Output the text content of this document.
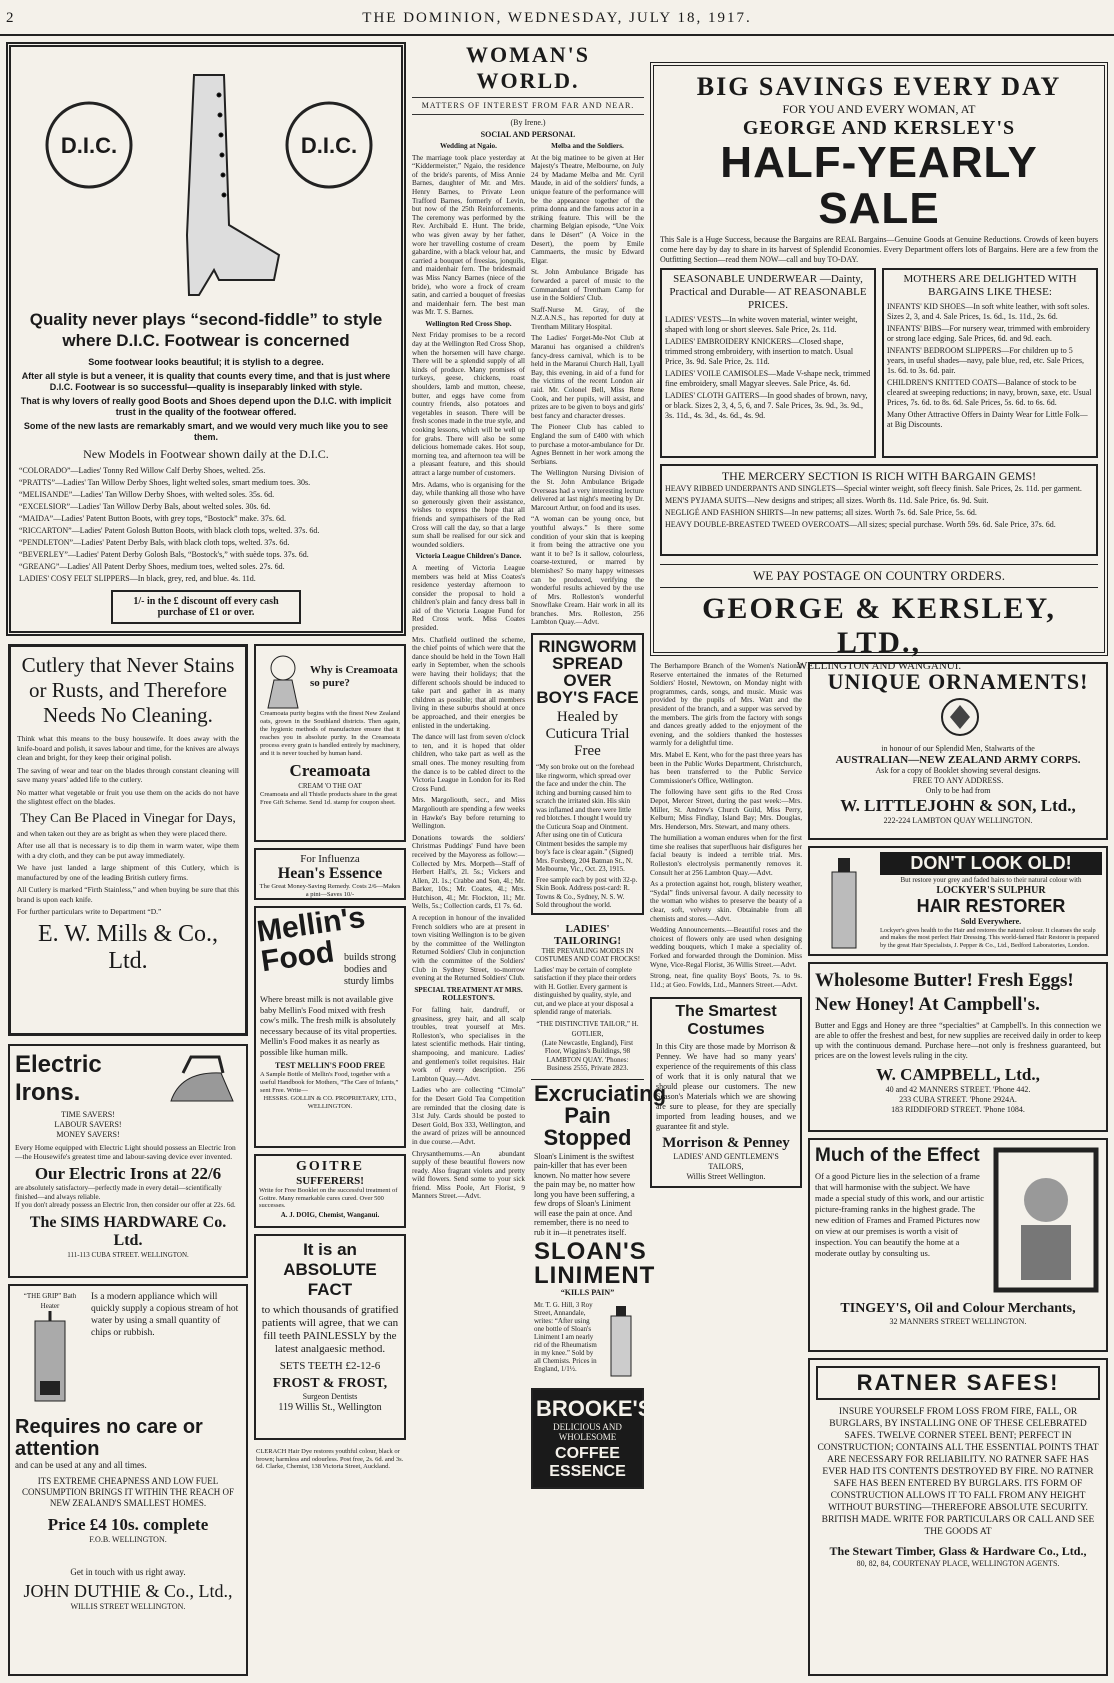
2	THE DOMINION, WEDNESDAY, JULY 18, 1917.
D.I.C.	D.I.C.
Quality never plays “second-fiddle” to style where D.I.C. Footwear is concerned

Some footwear looks beautiful; it is stylish to a degree.

After all style is but a veneer, it is quality that counts every time, and that is just where D.I.C. Footwear is so successful—quality is inseparably linked with style.

That is why lovers of really good Boots and Shoes depend upon the D.I.C. with implicit trust in the quality of the footwear offered.

Some of the new lasts are remarkably smart, and we would very much like you to see them.

New Models in Footwear shown daily at the D.I.C.
“COLORADO”—Ladies' Tonny Red Willow Calf Derby Shoes, welted. 25s.
“PRATTS”—Ladies' Tan Willow Derby Shoes, light welted soles, smart medium toes. 30s.
“MELISANDE”—Ladies' Tan Willow Derby Shoes, with welted soles. 35s. 6d.
“EXCELSIOR”—Ladies' Tan Willow Derby Bals, about welted soles. 30s. 6d.
“MAIDA”—Ladies' Patent Button Boots, with grey tops, “Bostock” make. 37s. 6d.
“RICCARTON”—Ladies' Patent Golosh Button Boots, with black cloth tops, welted. 37s. 6d.
“PENDLETON”—Ladies' Patent Derby Bals, with black cloth tops, welted. 37s. 6d.
“BEVERLEY”—Ladies' Patent Derby Golosh Bals, “Bostock's,” with suède tops. 37s. 6d.
“GREANG”—Ladies' All Patent Derby Shoes, medium toes, welted soles. 27s. 6d.
LADIES' COSY FELT SLIPPERS—In black, grey, red, and blue. 4s. 11d.
1/- in the £ discount off every cash purchase of £1 or over.
WOMAN'S WORLD.
MATTERS OF INTEREST FROM FAR AND NEAR.
(By Irene.)
SOCIAL AND PERSONAL

Wedding at Ngaio.

The marriage took place yesterday at “Kiddermeister,” Ngaio, the residence of the bride's parents, of Miss Annie Barnes, daughter of Mr. and Mrs. Henry Barnes, to Private Leon Trafford Barnes, formerly of Levin, but now of the 25th Reinforcements. The ceremony was performed by the Rev. Archibald E. Hunt. The bride, who was given away by her father, wore her travelling costume of cream gabardine, with a black velour hat, and carried a bouquet of freesias, jonquils, and maidenhair fern. The bridesmaid was Miss Nancy Barnes (niece of the bride), who wore a frock of cream satin, and carried a bouquet of freesias and maidenhair fern. The best man was Mr. T. S. Barnes.

Wellington Red Cross Shop.

Next Friday promises to be a record day at the Wellington Red Cross Shop, when the horsemen will have charge. There will be a splendid supply of all kinds of produce. Many promises of turkeys, geese, chickens, roast shoulders, lamb and mutton, cheese, butter, and eggs have come from country friends, also potatoes and vegetables in season. There will be fresh scones made in the true style, and cooking lessons, which will be well up for grabs. There will also be some delicious homemade cakes. Hot soup, morning tea, and afternoon tea will be a pleasant feature, and this should attract a large number of customers.

Mrs. Adams, who is organising for the day, while thanking all those who have so generously given their assistance, wishes to express the hope that all friends and sympathisers of the Red Cross will call the day, so that a large sum shall be realised for our sick and wounded soldiers.

Victoria League Children's Dance.

A meeting of Victoria League members was held at Miss Coates's residence yesterday afternoon to consider the proposal to hold a children's plain and fancy dress ball in aid of the Victoria League Fund for Red Cross work. Miss Coates presided.

Mrs. Chatfield outlined the scheme, the chief points of which were that the dance should be held in the Town Hall early in September, when the schools were having their holidays; that the different schools should be induced to take part and gather in as many children as possible; that all members living in these suburbs should at once be approached, and their energies be enlisted in the undertaking.

The dance will last from seven o'clock to ten, and it is hoped that older children, who take part as well as the small ones. The money resulting from the dance is to be cabled direct to the Victoria League in London for its Red Cross Fund.

Mrs. Margoliouth, secr., and Miss Margoliouth are spending a few weeks in Hawke's Bay before returning to Wellington.

Donations towards the soldiers' Christmas Puddings' Fund have been received by the Mayoress as follow:—Collected by Mrs. Morpeth—Staff of Herbert Hall's, 2l. 5s.; Vickers and Allen, 2l. 1s.; Crabbe and Son, 4l.; Mr. Barker, 10s.; Mr. Coates, 4l.; Mrs. Hutchison, 4l.; Mr. Flockton, 1l.; Mr. Wells, 5s.; Collection cards, £1 7s. 6d.

A reception in honour of the invalided French soldiers who are at present in town visiting Wellington is to be given by the committee of the Wellington Returned Soldiers' Club in conjunction with the committee of the Soldiers' Club in Sydney Street, to-morrow evening at the Returned Soldiers' Club.

SPECIAL TREATMENT AT MRS. ROLLESTON'S.

For falling hair, dandruff, or greasiness, grey hair, and all scalp troubles, treat yourself at Mrs. Rolleston's, who specialises in the latest scientific methods. Hair tinting, shampooing, and manicure. Ladies' and gentlemen's toilet requisites. Hair work of every description. 256 Lambton Quay.—Advt.

Ladies who are collecting “Cimola” for the Desert Gold Tea Competition are reminded that the closing date is 31st July. Cards should be posted to Desert Gold, Box 333, Wellington, and the award of prizes will be announced in due course.—Advt.

Chrysanthemums.—An abundant supply of these beautiful flowers now ready. Also fragrant violets and pretty wild flowers. Send some to your sick friend. Miss Poole, Art Florist, 9 Manners Street.—Advt.

Melba and the Soldiers.

At the big matinee to be given at Her Majesty's Theatre, Melbourne, on July 24 by Madame Melba and Mr. Cyril Maude, in aid of the soldiers' funds, a unique feature of the performance will be the appearance together of the prima donna and the famous actor in a striking feature. This will be the charming Belgian episode, “Une Voix dans le Désert” (A Voice in the Desert), the poem by Emile Cammaerts, the music by Edward Elgar.

St. John Ambulance Brigade has forwarded a parcel of music to the Commandant of Trentham Camp for use in the Soldiers' Club.

Staff-Nurse M. Gray, of the N.Z.A.N.S., has reported for duty at Trentham Military Hospital.

The Ladies' Forget-Me-Not Club at Maranui has organised a children's fancy-dress carnival, which is to be held in the Maranui Church Hall, Lyall Bay, this evening, in aid of a fund for the victims of the recent London air raid. Mr. Colonel Bell, Miss Rene Cook, and her pupils, will assist, and prizes are to be given to boys and girls' best fancy and character dresses.

The Pioneer Club has cabled to England the sum of £400 with which to purchase a motor-ambulance for Dr. Agnes Bennett in her work among the Serbians.

The Wellington Nursing Division of the St. John Ambulance Brigade Overseas had a very interesting lecture delivered at last night's meeting by Dr. Marcourt Arthur, on food and its uses.

“A woman can be young once, but youthful always.” Is there some condition of your skin that is keeping it from being the attractive one you want it to be? Is it sallow, colourless, coarse-textured, or marred by blemishes? So many happy witnesses can be produced, verifying the wonderful results achieved by the use of Mrs. Rolleston's wonderful Snowflake Cream. Hair work in all its branches. Mrs. Rolleston, 256 Lambton Quay.—Advt.

RINGWORM SPREAD OVER BOY'S FACE
Healed by Cuticura Trial Free
“My son broke out on the forehead like ringworm, which spread over the face and under the chin. The itching and burning caused him to scratch the irritated skin. His skin was inflamed and there were little red blotches. I thought I would try the Cuticura Soap and Ointment. After using one tin of Cuticura Ointment besides the sample my boy's face is clear again.” (Signed) Mrs. Forsberg, 204 Batman St., N. Melbourne, Vic., Oct. 23, 1915.
Free sample each by post with 32-p. Skin Book. Address post-card: R. Towns & Co., Sydney, N. S. W. Sold throughout the world.
LADIES' TAILORING!
THE PREVAILING MODES IN COSTUMES AND COAT FROCKS!
Ladies' may be certain of complete satisfaction if they place their orders with H. Gotlier. Every garment is distinguished by quality, style, and cut, and we place at your disposal a splendid range of materials.
“THE DISTINCTIVE TAILOR,” H. GOTLIER,
(Late Newcastle, England), First Floor, Wiggins's Buildings, 98 LAMBTON QUAY. 'Phones: Business 2555, Private 2823.
Excruciating Pain Stopped
Sloan's Liniment is the swiftest pain-killer that has ever been known. No matter how severe the pain may be, no matter how long you have been suffering, a few drops of Sloan's Liniment will ease the pain at once. And remember, there is no need to rub it in—it penetrates itself.
SLOAN'S LINIMENT
“KILLS PAIN”
Mr. T. G. Hill, 3 Roy Street, Annandale, writes: “After using one bottle of Sloan's Liniment I am nearly rid of the Rheumatism in my knee.” Sold by all Chemists. Prices in England, 1/1½.
BROOKE'S
DELICIOUS AND WHOLESOME
COFFEE ESSENCE
BIG SAVINGS EVERY DAY
FOR YOU AND EVERY WOMAN, AT
GEORGE AND KERSLEY'S
HALF-YEARLY SALE
This Sale is a Huge Success, because the Bargains are REAL Bargains—Genuine Goods at Genuine Reductions. Crowds of keen buyers come here day by day to share in its harvest of Splendid Economies. Every Department offers lots of Bargains. Here are a few from the Outfitting Section—read them NOW—call and buy TO-DAY.
SEASONABLE UNDERWEAR —Dainty, Practical and Durable— AT REASONABLE PRICES.
LADIES' VESTS—In white woven material, winter weight, shaped with long or short sleeves. Sale Price, 2s. 11d.
LADIES' EMBROIDERY KNICKERS—Closed shape, trimmed strong embroidery, with insertion to match. Usual Price, 3s. 9d. Sale Price, 2s. 11d.
LADIES' VOILE CAMISOLES—Made V-shape neck, trimmed fine embroidery, small Magyar sleeves. Sale Price, 4s. 6d.
LADIES' CLOTH GAITERS—In good shades of brown, navy, or black. Sizes 2, 3, 4, 5, 6, and 7. Sale Prices, 3s. 9d., 3s. 9d., 3s. 11d., 4s. 3d., 4s. 6d., 4s. 9d.
MOTHERS ARE DELIGHTED WITH BARGAINS LIKE THESE:
INFANTS' KID SHOES—In soft white leather, with soft soles. Sizes 2, 3, and 4. Sale Prices, 1s. 6d., 1s. 11d., 2s. 6d.
INFANTS' BIBS—For nursery wear, trimmed with embroidery or strong lace edging. Sale Prices, 6d. and 9d. each.
INFANTS' BEDROOM SLIPPERS—For children up to 5 years, in useful shades—navy, pale blue, red, etc. Sale Prices, 1s. 6d. to 3s. 6d. pair.
CHILDREN'S KNITTED COATS—Balance of stock to be cleared at sweeping reductions; in navy, brown, saxe, etc. Usual Prices, 7s. 6d. to 8s. 6d. Sale Prices, 5s. 6d. to 6s. 6d.
Many Other Attractive Offers in Dainty Wear for Little Folk—at Big Discounts.
THE MERCERY SECTION IS RICH WITH BARGAIN GEMS!
HEAVY RIBBED UNDERPANTS AND SINGLETS—Special winter weight, soft fleecy finish. Sale Prices, 2s. 11d. per garment.
MEN'S PYJAMA SUITS—New designs and stripes; all sizes. Worth 8s. 11d. Sale Price, 6s. 9d. Suit.
NEGLIGÉ AND FASHION SHIRTS—In new patterns; all sizes. Worth 7s. 6d. Sale Price, 5s. 6d.
HEAVY DOUBLE-BREASTED TWEED OVERCOATS—All sizes; special purchase. Worth 59s. 6d. Sale Price, 37s. 6d.
WE PAY POSTAGE ON COUNTRY ORDERS.
GEORGE & KERSLEY, LTD.,
WELLINGTON AND WANGANUI.
Cutlery that Never Stains or Rusts, and Therefore Needs No Cleaning.

Think what this means to the busy housewife. It does away with the knife-board and polish, it saves labour and time, for the knives are always clean and bright, for they keep their original polish.

The saving of wear and tear on the blades through constant cleaning will save many years' added life to the cutlery.

No matter what vegetable or fruit you use them on the acids do not have the slightest effect on the blades.

They Can Be Placed in Vinegar for Days,

and when taken out they are as bright as when they were placed there.

After use all that is necessary is to dip them in warm water, wipe them with a dry cloth, and they can be put away immediately.

We have just landed a large shipment of this Cutlery, which is manufactured by one of the leading British cutlery firms.

All Cutlery is marked “Firth Stainless,” and when buying be sure that this brand is upon each knife.

For further particulars write to Department “D.”

E. W. Mills & Co., Ltd.
Why is Creamoata so pure?
Creamoata purity begins with the finest New Zealand oats, grown in the Southland districts. Then again, the hygienic methods of manufacture ensure that it reaches you in absolute purity. In the Creamoata process every grain is handled entirely by machinery, and it is never touched by human hand.
Creamoata
CREAM 'O THE OAT
Creamoata and all Thistle products share in the great Free Gift Scheme. Send 1d. stamp for coupon sheet.
For Influenza
Hean's Essence
The Great Money-Saving Remedy. Costs 2/6—Makes a pint—Saves 10/-
Mellin's Food builds strong bodies and sturdy limbs
Where breast milk is not available give baby Mellin's Food mixed with fresh cow's milk. The fresh milk is absolutely necessary because of its vital properties. Mellin's Food makes it as nearly as possible like human milk.
TEST MELLIN'S FOOD FREE
A Sample Bottle of Mellin's Food, together with a useful Handbook for Mothers, “The Care of Infants,” sent Free. Write—
HESSRS. GOLLIN & CO. PROPRIETARY, LTD., WELLINGTON.
GOITRE
SUFFERERS!
Write for Free Booklet on the successful treatment of Goitre. Many remarkable cures cured. Over 500 successes.
A. J. DOIG, Chemist, Wanganui.
It is an ABSOLUTE FACT
to which thousands of gratified patients will agree, that we can fill teeth PAINLESSLY by the latest analgaesic method.
SETS TEETH £2-12-6
FROST & FROST,
Surgeon Dentists
119 Willis St., Wellington
CLERACH Hair Dye restores youthful colour, black or brown; harmless and odourless. Post free, 2s. 6d. and 3s. 6d. Clarke, Chemist, 138 Victoria Street, Auckland.
Electric Irons.
TIME SAVERS!
LABOUR SAVERS!
MONEY SAVERS!
Every Home equipped with Electric Light should possess an Electric Iron—the Housewife's greatest time and labour-saving device ever invented.
Our Electric Irons at 22/6
are absolutely satisfactory—perfectly made in every detail—scientifically finished—and always reliable.
If you don't already possess an Electric Iron, then consider our offer at 22s. 6d.
The SIMS HARDWARE Co. Ltd.
111-113 CUBA STREET. WELLINGTON.
“THE GRIP” Bath Heater
Is a modern appliance which will quickly supply a copious stream of hot water by using a small quantity of chips or rubbish.
Requires no care or attention
and can be used at any and all times.
ITS EXTREME CHEAPNESS AND LOW FUEL CONSUMPTION BRINGS IT WITHIN THE REACH OF NEW ZEALAND'S SMALLEST HOMES.
Price £4 10s. complete
F.O.B. WELLINGTON.
Get in touch with us right away.
JOHN DUTHIE & Co., Ltd.,
WILLIS STREET WELLINGTON.

The Berhampore Branch of the Women's National Reserve entertained the inmates of the Returned Soldiers' Hostel, Newtown, on Monday night with programmes, cards, songs, and music. Music was provided by the pupils of Mrs. Watt and the president of the branch, and a supper was served by the members. The girls from the factory with songs and dances greatly added to the enjoyment of the evening, and the soldiers thanked the hostesses warmly for a delightful time.

Mrs. Mabel E. Kent, who for the past three years has been in the Public Works Department, Christchurch, has been transferred to the Public Service Commissioner's Office, Wellington.

The following have sent gifts to the Red Cross Depot, Mercer Street, during the past week:—Mrs. Miller, St. Andrew's Church Guild, Miss Perry, Kelburn; Miss Findlay, Island Bay; Mrs. Douglas, Mrs. Henderson, Mrs. Stewart, and many others.

The humiliation a woman endures when for the first time she realises that superfluous hair disfigures her facial beauty is indeed a terrible trial. Mrs. Rolleston's electrolysis permanently removes it. Consult her at 256 Lambton Quay.—Advt.

As a protection against hot, rough, blistery weather, “Sydal” finds universal favour. A daily necessity to the woman who wishes to preserve the beauty of a clear, soft, velvety skin. Obtainable from all chemists and stores.—Advt.

Wedding Announcements.—Beautiful roses and the choicest of flowers only are used when designing wedding bouquets, which I make a speciality of. Forked and forwarded through the Dominion. Miss Wyne, Vice-Regal Florist, 36 Willis Street.—Advt.

Strong, neat, fine quality Boys' Boots, 7s. to 9s. 11d.; at Geo. Fowlds, Ltd., Manners Street.—Advt.

The Smartest Costumes
In this City are those made by Morrison & Penney. We have had so many years' experience of the requirements of this class of work that it is only natural that we should please our customers. The new Season's Materials which we are showing are sure to please, for they are specially imported from leading houses, and we guarantee fit and style.
Morrison & Penney
LADIES' AND GENTLEMEN'S TAILORS,
Willis Street Wellington.
UNIQUE ORNAMENTS!
in honour of our Splendid Men, Stalwarts of the
AUSTRALIAN—NEW ZEALAND ARMY CORPS.
Ask for a copy of Booklet showing several designs.
FREE TO ANY ADDRESS.
Only to be had from
W. LITTLEJOHN & SON, Ltd.,
222-224 LAMBTON QUAY WELLINGTON.
DON'T LOOK OLD!
But restore your grey and faded hairs to their natural colour with
LOCKYER'S SULPHUR
HAIR RESTORER
Sold Everywhere.
Lockyer's gives health to the Hair and restores the natural colour. It cleanses the scalp and makes the most perfect Hair Dressing. This world-famed Hair Restorer is prepared by the great Hair Specialists, J. Pepper & Co., Ltd., Bedford Laboratories, London.
Wholesome Butter! Fresh Eggs! New Honey! At Campbell's.
Butter and Eggs and Honey are three “specialties” at Campbell's. In this connection we are able to offer the freshest and best, for new supplies are received daily in order to keep up with the continuous demand. Purchase here—not only is freshness guaranteed, but prices are on the lowest levels ruling in the city.
W. CAMPBELL, Ltd.,
40 and 42 MANNERS STREET. 'Phone 442.
233 CUBA STREET. 'Phone 2924A.
183 RIDDIFORD STREET. 'Phone 1084.
Much of the Effect
Of a good Picture lies in the selection of a frame that will harmonise with the subject. We have made a special study of this work, and our artistic picture-framing ranks in the highest grade. The new edition of Frames and Framed Pictures now on view at our premises is worth a visit of inspection. You can beautify the home at a moderate outlay by consulting us.
TINGEY'S, Oil and Colour Merchants,
32 MANNERS STREET WELLINGTON.
RATNER SAFES!
INSURE YOURSELF FROM LOSS FROM FIRE, FALL, OR BURGLARS, BY INSTALLING ONE OF THESE CELEBRATED SAFES. TWELVE CORNER STEEL BENT; PERFECT IN CONSTRUCTION; CONTAINS ALL THE ESSENTIAL POINTS THAT ARE NECESSARY FOR RELIABILITY. NO RATNER SAFE HAS EVER HAD ITS CONTENTS DESTROYED BY FIRE. NO RATNER SAFE HAS BEEN ENTERED BY BURGLARS. ITS FORM OF CONSTRUCTION ALLOWS IT TO FALL FROM ANY HEIGHT WITHOUT BURSTING—THEREFORE ABSOLUTE SECURITY. BRITISH MADE. WRITE FOR PARTICULARS OR CALL AND SEE THE GOODS AT
The Stewart Timber, Glass & Hardware Co., Ltd.,
80, 82, 84, COURTENAY PLACE, WELLINGTON AGENTS.
